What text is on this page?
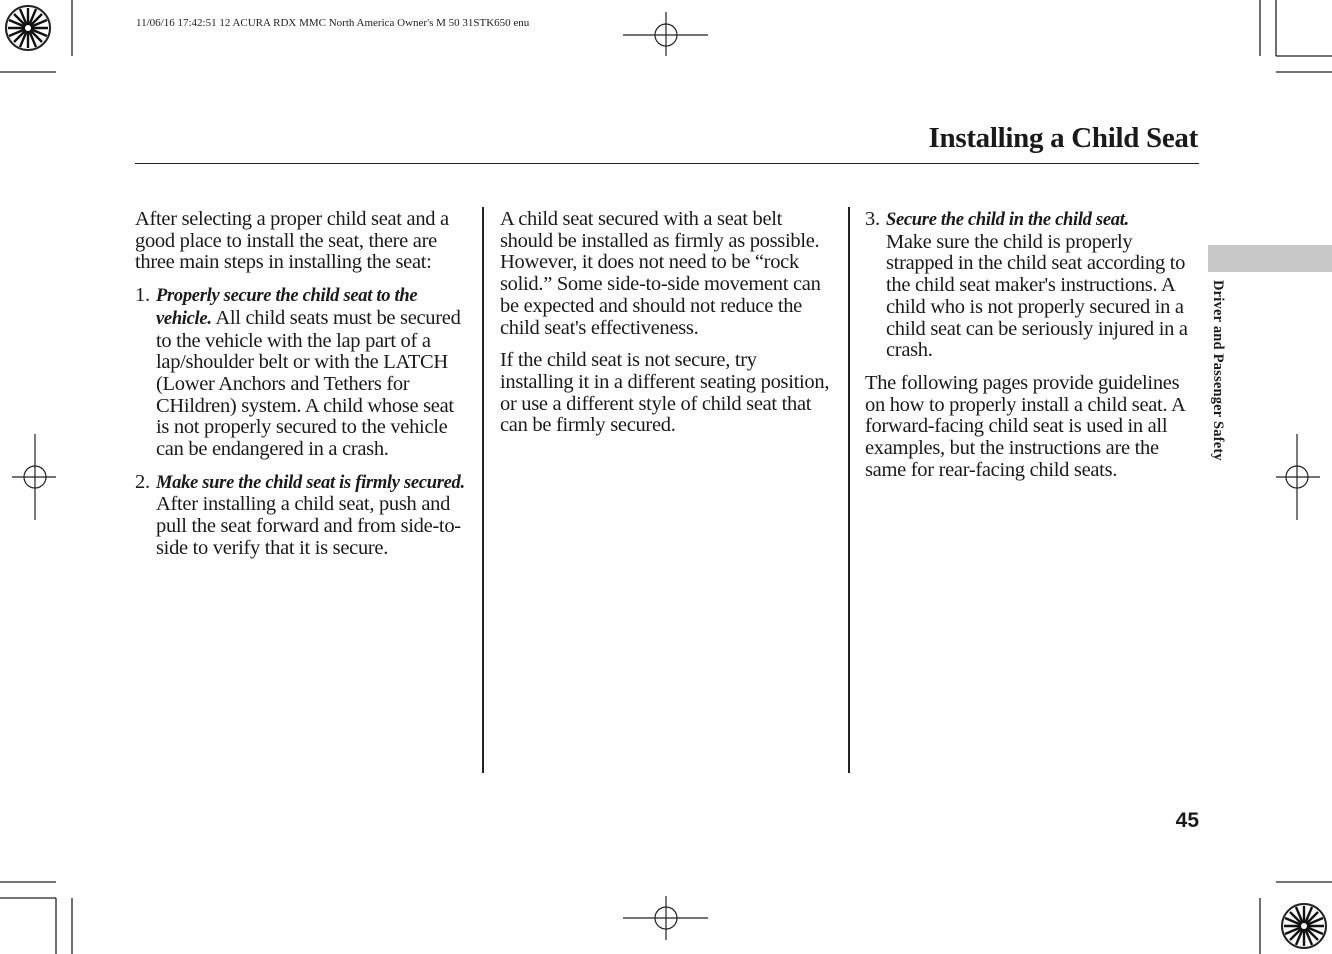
11/06/16 17:42:51 12 ACURA RDX MMC North America Owner's M 50 31STK650 enu
Installing a Child Seat
Driver and Passenger Safety

After selecting a proper child seat and a good place to install the seat, there are three main steps in installing the seat:

1. Properly secure the child seat to the vehicle. All child seats must be secured to the vehicle with the lap part of a lap/shoulder belt or with the LATCH (Lower Anchors and Tethers for CHildren) system. A child whose seat is not properly secured to the vehicle can be endangered in a crash.
2. Make sure the child seat is firmly secured. After installing a child seat, push and pull the seat forward and from side-to-side to verify that it is secure.

A child seat secured with a seat belt should be installed as firmly as possible. However, it does not need to be “rock solid.” Some side-to-side movement can be expected and should not reduce the child seat's effectiveness.

If the child seat is not secure, try installing it in a different seating position, or use a different style of child seat that can be firmly secured.

3. Secure the child in the child seat.
Make sure the child is properly strapped in the child seat according to the child seat maker's instructions. A child who is not properly secured in a child seat can be seriously injured in a crash.

The following pages provide guidelines on how to properly install a child seat. A forward-facing child seat is used in all examples, but the instructions are the same for rear-facing child seats.

45
